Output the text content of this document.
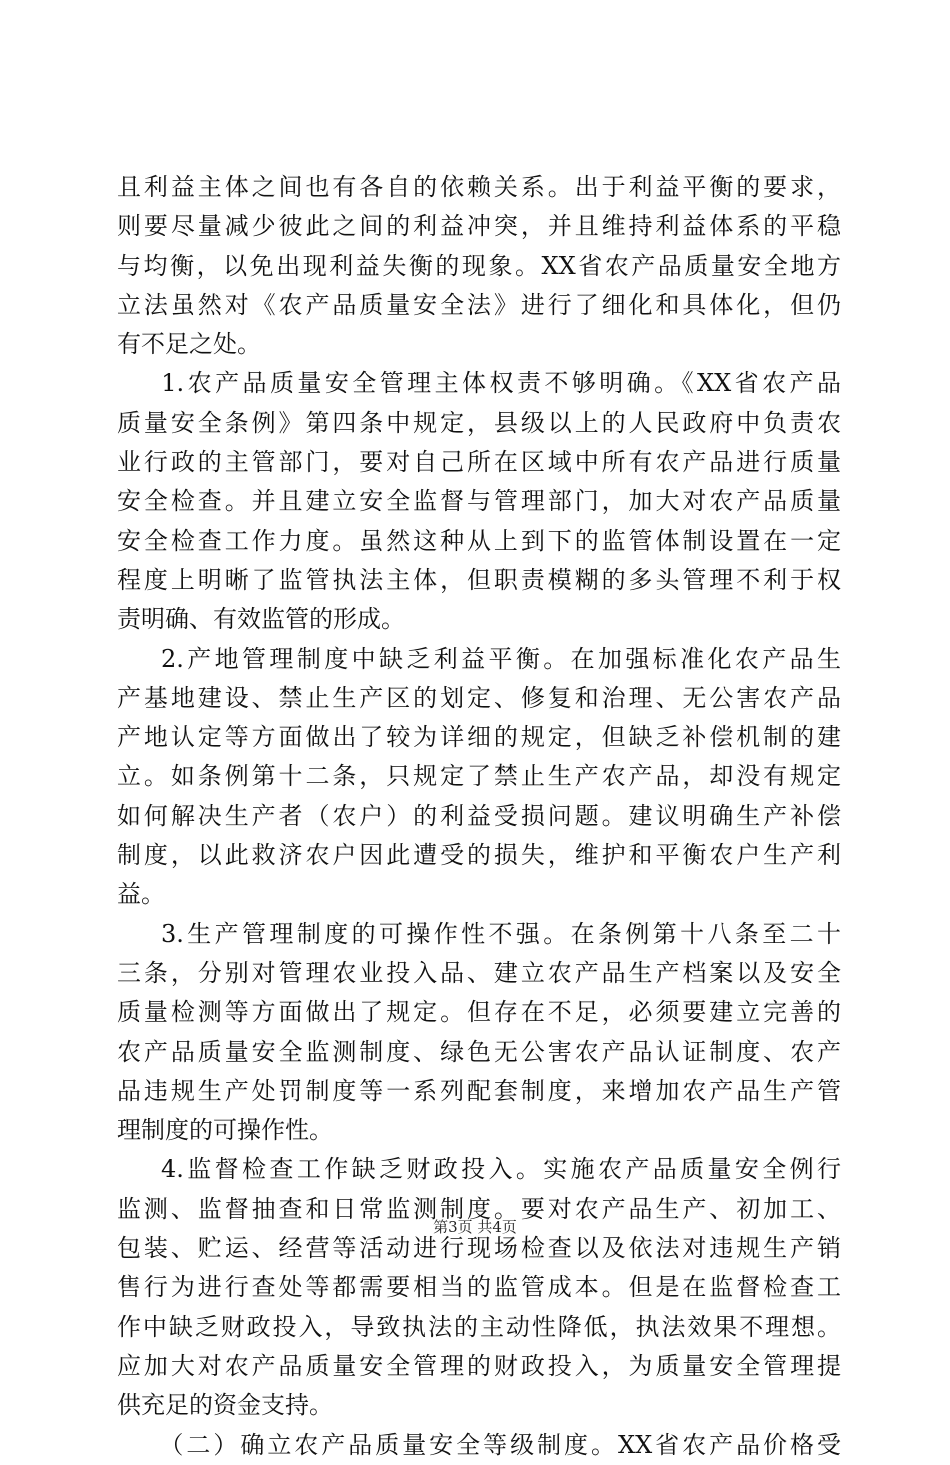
且利益主体之间也有各自的依赖关系。出于利益平衡的要求，
则要尽量减少彼此之间的利益冲突，并且维持利益体系的平稳
与均衡，以免出现利益失衡的现象。XX省农产品质量安全地方
立法虽然对《农产品质量安全法》进行了细化和具体化，但仍
有不足之处。
1.农产品质量安全管理主体权责不够明确。《XX省农产品
质量安全条例》第四条中规定，县级以上的人民政府中负责农
业行政的主管部门，要对自己所在区域中所有农产品进行质量
安全检查。并且建立安全监督与管理部门，加大对农产品质量
安全检查工作力度。虽然这种从上到下的监管体制设置在一定
程度上明晰了监管执法主体，但职责模糊的多头管理不利于权
责明确、有效监管的形成。
2.产地管理制度中缺乏利益平衡。在加强标准化农产品生
产基地建设、禁止生产区的划定、修复和治理、无公害农产品
产地认定等方面做出了较为详细的规定，但缺乏补偿机制的建
立。如条例第十二条，只规定了禁止生产农产品，却没有规定
如何解决生产者（农户）的利益受损问题。建议明确生产补偿
制度，以此救济农户因此遭受的损失，维护和平衡农户生产利
益。
3.生产管理制度的可操作性不强。在条例第十八条至二十
三条，分别对管理农业投入品、建立农产品生产档案以及安全
质量检测等方面做出了规定。但存在不足，必须要建立完善的
农产品质量安全监测制度、绿色无公害农产品认证制度、农产
品违规生产处罚制度等一系列配套制度，来增加农产品生产管
理制度的可操作性。
4.监督检查工作缺乏财政投入。实施农产品质量安全例行
监测、监督抽查和日常监测制度。要对农产品生产、初加工、
包装、贮运、经营等活动进行现场检查以及依法对违规生产销
售行为进行查处等都需要相当的监管成本。但是在监督检查工
作中缺乏财政投入，导致执法的主动性降低，执法效果不理想。
应加大对农产品质量安全管理的财政投入，为质量安全管理提
供充足的资金支持。
（二）确立农产品质量安全等级制度。XX省农产品价格受
第3页 共4页
